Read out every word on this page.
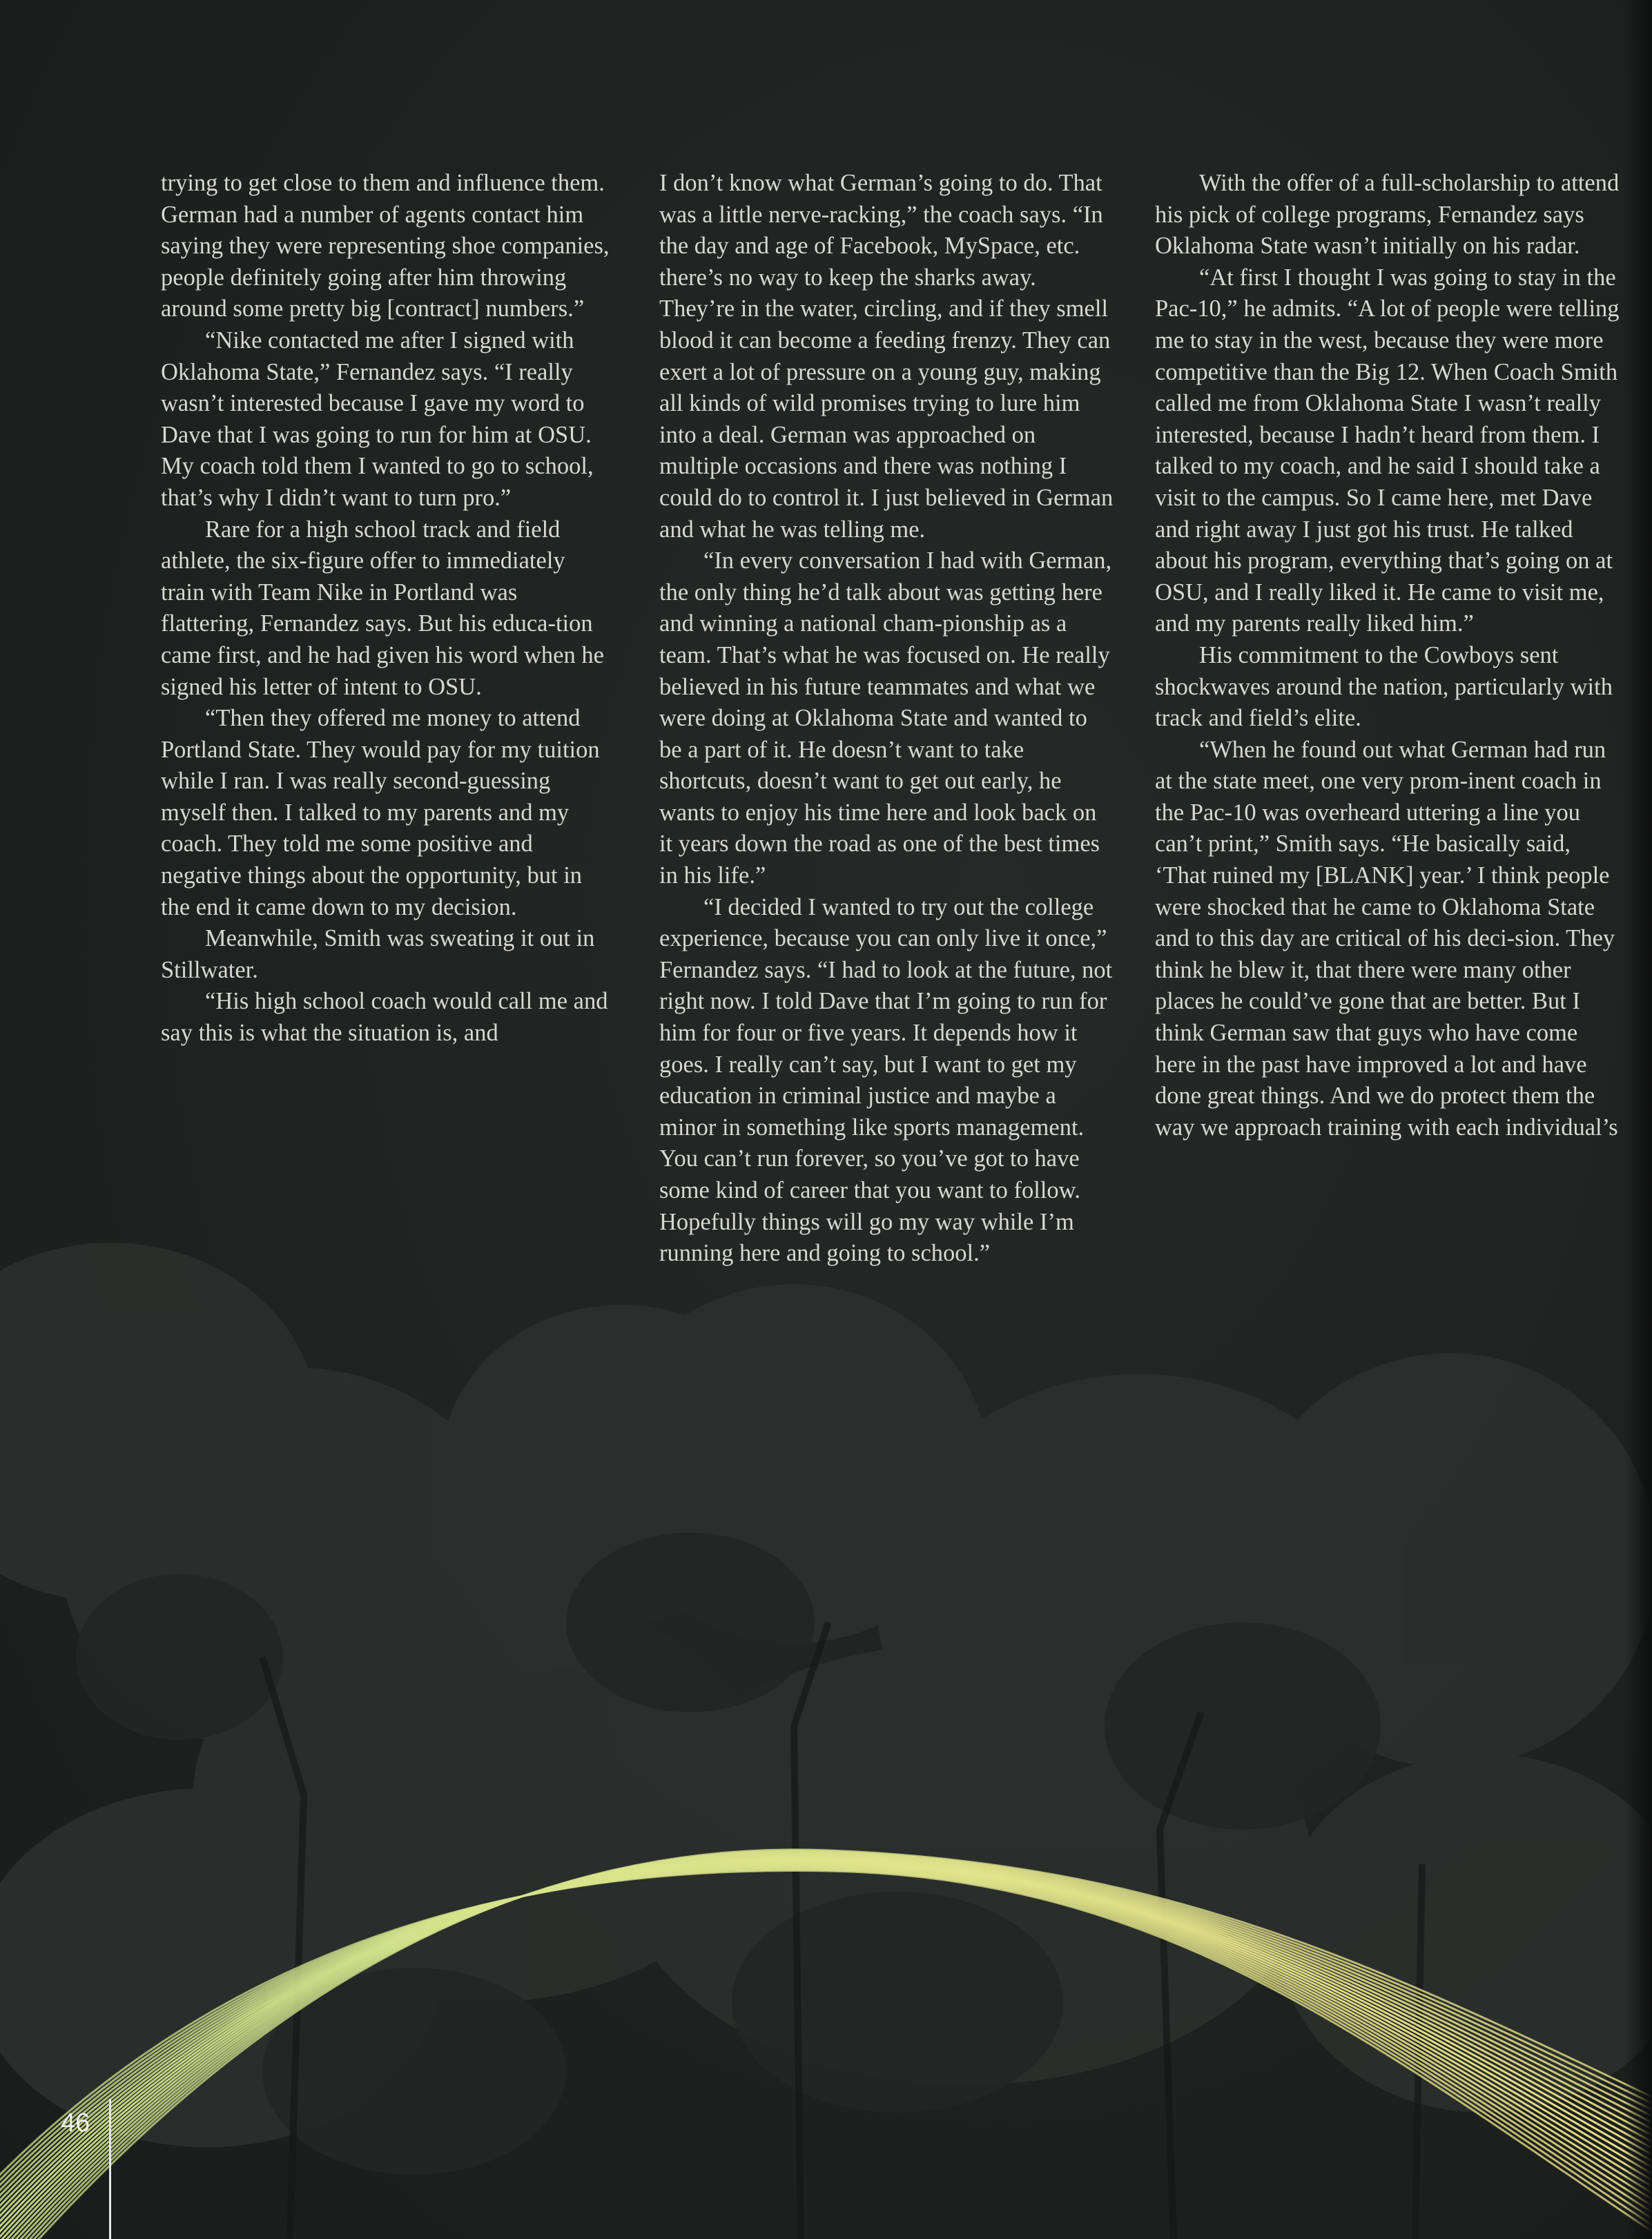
trying to get close to them and influence them. German had a number of agents contact him saying they were representing shoe companies, people definitely going after him throwing around some pretty big [contract] numbers.”

“Nike contacted me after I signed with Oklahoma State,” Fernandez says. “I really wasn’t interested because I gave my word to Dave that I was going to run for him at OSU. My coach told them I wanted to go to school, that’s why I didn’t want to turn pro.”

Rare for a high school track and field athlete, the six-figure offer to immediately train with Team Nike in Portland was flattering, Fernandez says. But his educa-tion came first, and he had given his word when he signed his letter of intent to OSU.

“Then they offered me money to attend Portland State. They would pay for my tuition while I ran. I was really second-guessing myself then. I talked to my parents and my coach. They told me some positive and negative things about the opportunity, but in the end it came down to my decision.

Meanwhile, Smith was sweating it out in Stillwater.

“His high school coach would call me and say this is what the situation is, and

I don’t know what German’s going to do. That was a little nerve-racking,” the coach says. “In the day and age of Facebook, MySpace, etc. there’s no way to keep the sharks away. They’re in the water, circling, and if they smell blood it can become a feeding frenzy. They can exert a lot of pressure on a young guy, making all kinds of wild promises trying to lure him into a deal. German was approached on multiple occasions and there was nothing I could do to control it. I just believed in German and what he was telling me.

“In every conversation I had with German, the only thing he’d talk about was getting here and winning a national cham-pionship as a team. That’s what he was focused on. He really believed in his future teammates and what we were doing at Oklahoma State and wanted to be a part of it. He doesn’t want to take shortcuts, doesn’t want to get out early, he wants to enjoy his time here and look back on it years down the road as one of the best times in his life.”

“I decided I wanted to try out the college experience, because you can only live it once,” Fernandez says. “I had to look at the future, not right now. I told Dave that I’m going to run for him for four or five years. It depends how it goes. I really can’t say, but I want to get my education in criminal justice and maybe a minor in something like sports management. You can’t run forever, so you’ve got to have some kind of career that you want to follow. Hopefully things will go my way while I’m running here and going to school.”

With the offer of a full-scholarship to attend his pick of college programs, Fernandez says Oklahoma State wasn’t initially on his radar.

“At first I thought I was going to stay in the Pac-10,” he admits. “A lot of people were telling me to stay in the west, because they were more competitive than the Big 12. When Coach Smith called me from Oklahoma State I wasn’t really interested, because I hadn’t heard from them. I talked to my coach, and he said I should take a visit to the campus. So I came here, met Dave and right away I just got his trust. He talked about his program, everything that’s going on at OSU, and I really liked it. He came to visit me, and my parents really liked him.”

His commitment to the Cowboys sent shockwaves around the nation, particularly with track and field’s elite.

“When he found out what German had run at the state meet, one very prom-inent coach in the Pac-10 was overheard uttering a line you can’t print,” Smith says. “He basically said, ‘That ruined my [BLANK] year.’ I think people were shocked that he came to Oklahoma State and to this day are critical of his deci-sion. They think he blew it, that there were many other places he could’ve gone that are better. But I think German saw that guys who have come here in the past have improved a lot and have done great things. And we do protect them the way we approach training with each individual’s

46
